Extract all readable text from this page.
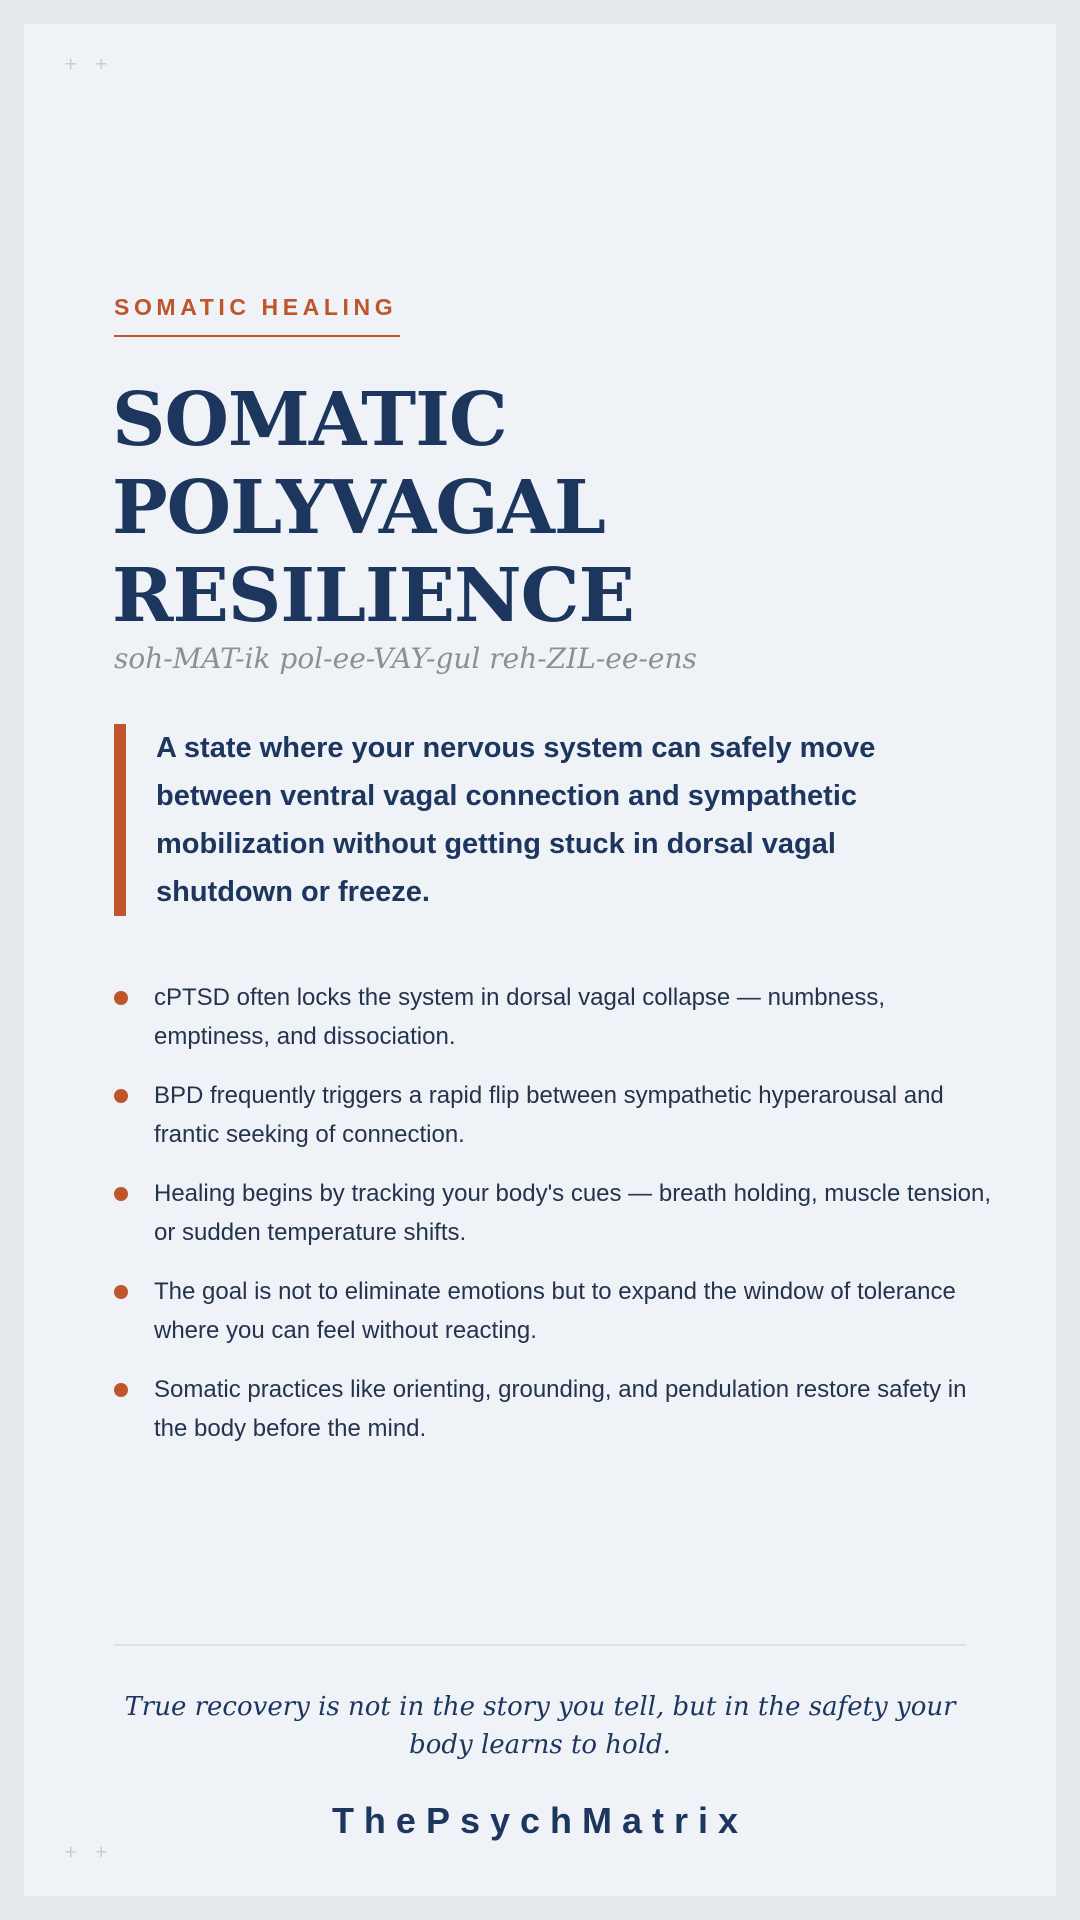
+ +
SOMATIC HEALING
SOMATIC
POLYVAGAL
RESILIENCE
soh-MAT-ik pol-ee-VAY-gul reh-ZIL-ee-ens
A state where your nervous system can safely move between ventral vagal connection and sympathetic mobilization without getting stuck in dorsal vagal shutdown or freeze.
cPTSD often locks the system in dorsal vagal collapse — numbness, emptiness, and dissociation.
BPD frequently triggers a rapid flip between sympathetic hyperarousal and frantic seeking of connection.
Healing begins by tracking your body's cues — breath holding, muscle tension, or sudden temperature shifts.
The goal is not to eliminate emotions but to expand the window of tolerance where you can feel without reacting.
Somatic practices like orienting, grounding, and pendulation restore safety in the body before the mind.
True recovery is not in the story you tell, but in the safety your body learns to hold.
ThePsychMatrix
+ +
